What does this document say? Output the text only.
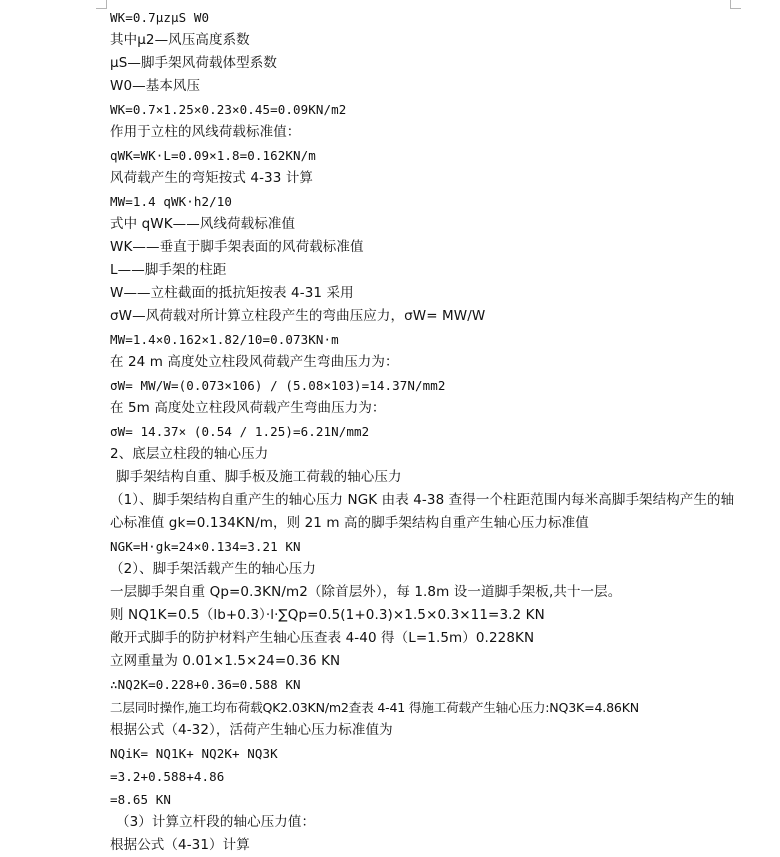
WK=0.7μzμS W0
其中μ2—风压高度系数
μS—脚手架风荷载体型系数
W0—基本风压
WK=0.7×1.25×0.23×0.45=0.09KN/m2
作用于立柱的风线荷载标准值：
qWK=WK·L=0.09×1.8=0.162KN/m
风荷载产生的弯矩按式 4-33 计算
MW=1.4 qWK·h2/10
式中 qWK——风线荷载标准值
WK——垂直于脚手架表面的风荷载标准值
L——脚手架的柱距
W——立柱截面的抵抗矩按表 4-31 采用
σW—风荷载对所计算立柱段产生的弯曲压应力，σW= MW/W
MW=1.4×0.162×1.82/10=0.073KN·m
在 24 m 高度处立柱段风荷载产生弯曲压力为：
σW= MW/W=(0.073×106) / (5.08×103)=14.37N/mm2
在 5m 高度处立柱段风荷载产生弯曲压力为：
σW= 14.37× (0.54 / 1.25)=6.21N/mm2
2、底层立柱段的轴心压力
脚手架结构自重、脚手板及施工荷载的轴心压力
（1）、脚手架结构自重产生的轴心压力 NGK 由表 4-38 查得一个柱距范围内每米高脚手架结构产生的轴心标准值 gk=0.134KN/m，则 21 m 高的脚手架结构自重产生轴心压力标准值
NGK=H·gk=24×0.134=3.21 KN
（2）、脚手架活载产生的轴心压力
一层脚手架自重 Qp=0.3KN/m2（除首层外），每 1.8m 设一道脚手架板,共十一层。
则 NQ1K=0.5（lb+0.3）·l·∑Qp=0.5(1+0.3)×1.5×0.3×11=3.2 KN
敞开式脚手的防护材料产生轴心压查表 4-40 得（L=1.5m）0.228KN
立网重量为 0.01×1.5×24=0.36 KN
∴NQ2K=0.228+0.36=0.588 KN
二层同时操作,施工均布荷载QK2.03KN/m2查表 4-41 得施工荷载产生轴心压力:NQ3K=4.86KN
根据公式（4-32），活荷产生轴心压力标准值为
NQiK= NQ1K+ NQ2K+ NQ3K
=3.2+0.588+4.86
=8.65 KN
（3）计算立杆段的轴心压力值：
根据公式（4-31）计算
